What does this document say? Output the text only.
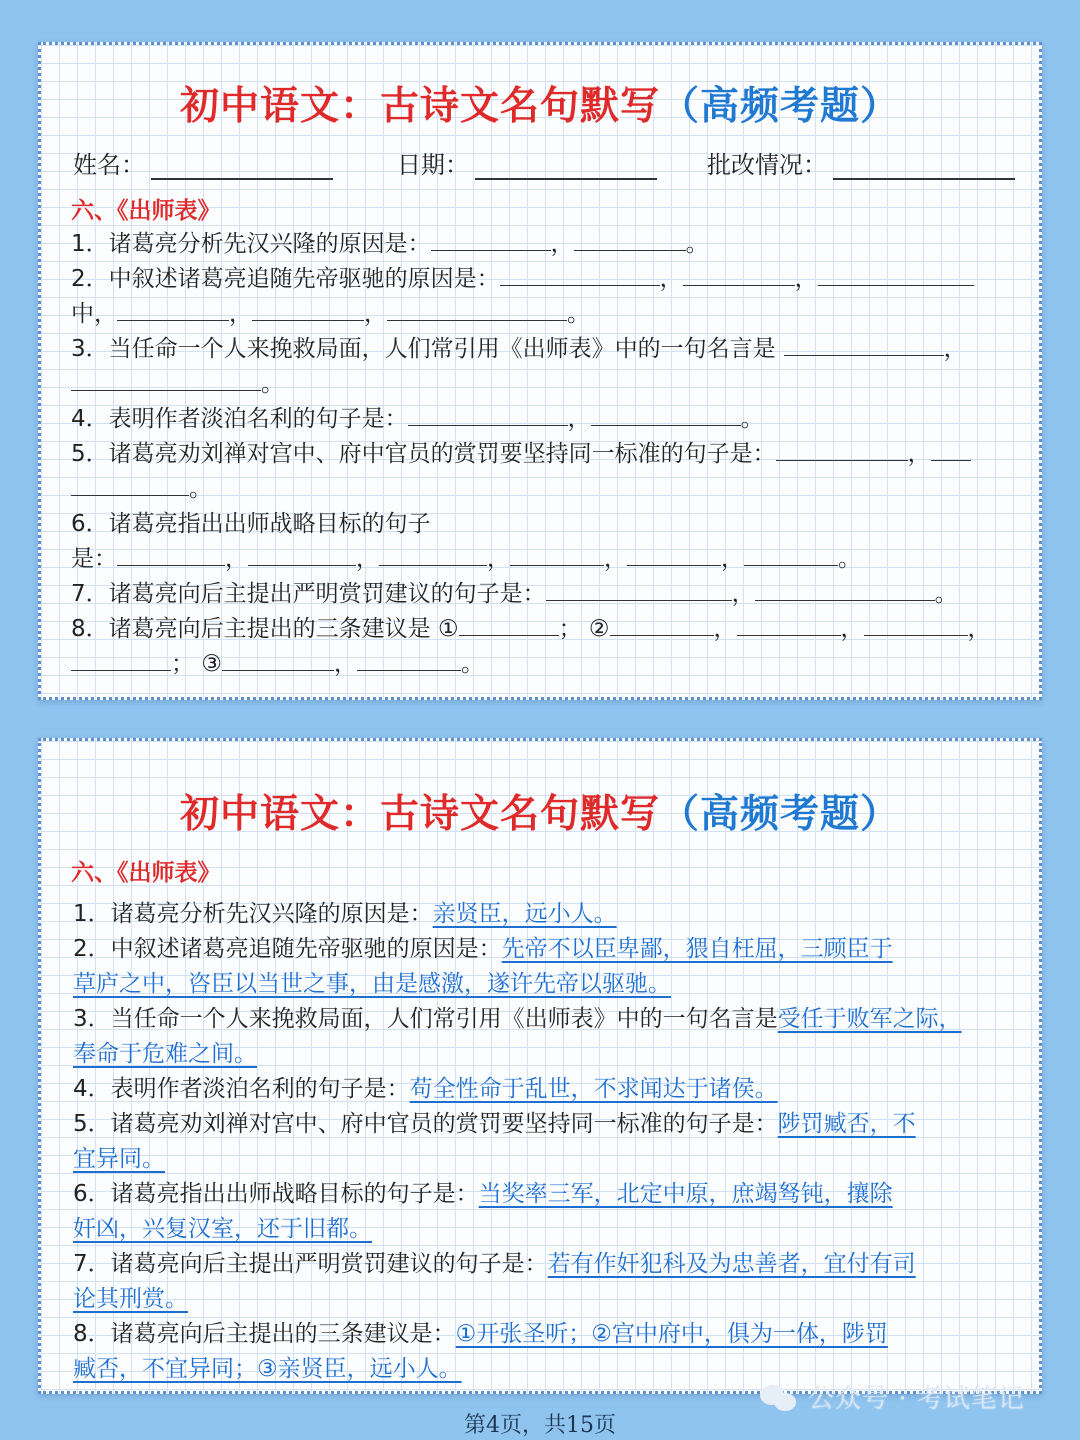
初中语文：古诗文名句默写（高频考题）
姓名：	日期：	批改情况：
六、《出师表》
1．诸葛亮分析先汉兴隆的原因是：	，	。
2．中叙述诸葛亮追随先帝驱驰的原因是：	，	，
中，	，	，	。
3．当任命一个人来挽救局面，人们常引用《出师表》中的一句名言是	，
。
4．表明作者淡泊名利的句子是：	，	。
5．诸葛亮劝刘禅对宫中、府中官员的赏罚要坚持同一标准的句子是：	，
。
6．诸葛亮指出出师战略目标的句子
是：	，	，	，	，	，	。
7．诸葛亮向后主提出严明赏罚建议的句子是：	，	。
8．诸葛亮向后主提出的三条建议是 ①	； ②	，	，	，
； ③	，	。
初中语文：古诗文名句默写（高频考题）
六、《出师表》
1．诸葛亮分析先汉兴隆的原因是：亲贤臣，远小人。
2．中叙述诸葛亮追随先帝驱驰的原因是：先帝不以臣卑鄙，猥自枉屈，三顾臣于
草庐之中，咨臣以当世之事，由是感激，遂许先帝以驱驰。
3．当任命一个人来挽救局面，人们常引用《出师表》中的一句名言是受任于败军之际，
奉命于危难之间。
4．表明作者淡泊名利的句子是：苟全性命于乱世，不求闻达于诸侯。
5．诸葛亮劝刘禅对宫中、府中官员的赏罚要坚持同一标准的句子是：陟罚臧否，不
宜异同。
6．诸葛亮指出出师战略目标的句子是：当奖率三军，北定中原，庶竭驽钝，攘除
奸凶，兴复汉室，还于旧都。
7．诸葛亮向后主提出严明赏罚建议的句子是：若有作奸犯科及为忠善者，宜付有司
论其刑赏。
8．诸葛亮向后主提出的三条建议是：①开张圣听；②宫中府中，俱为一体，陟罚
臧否，不宜异同；③亲贤臣，远小人。
公众号 · 考试笔记
第4页，共15页
